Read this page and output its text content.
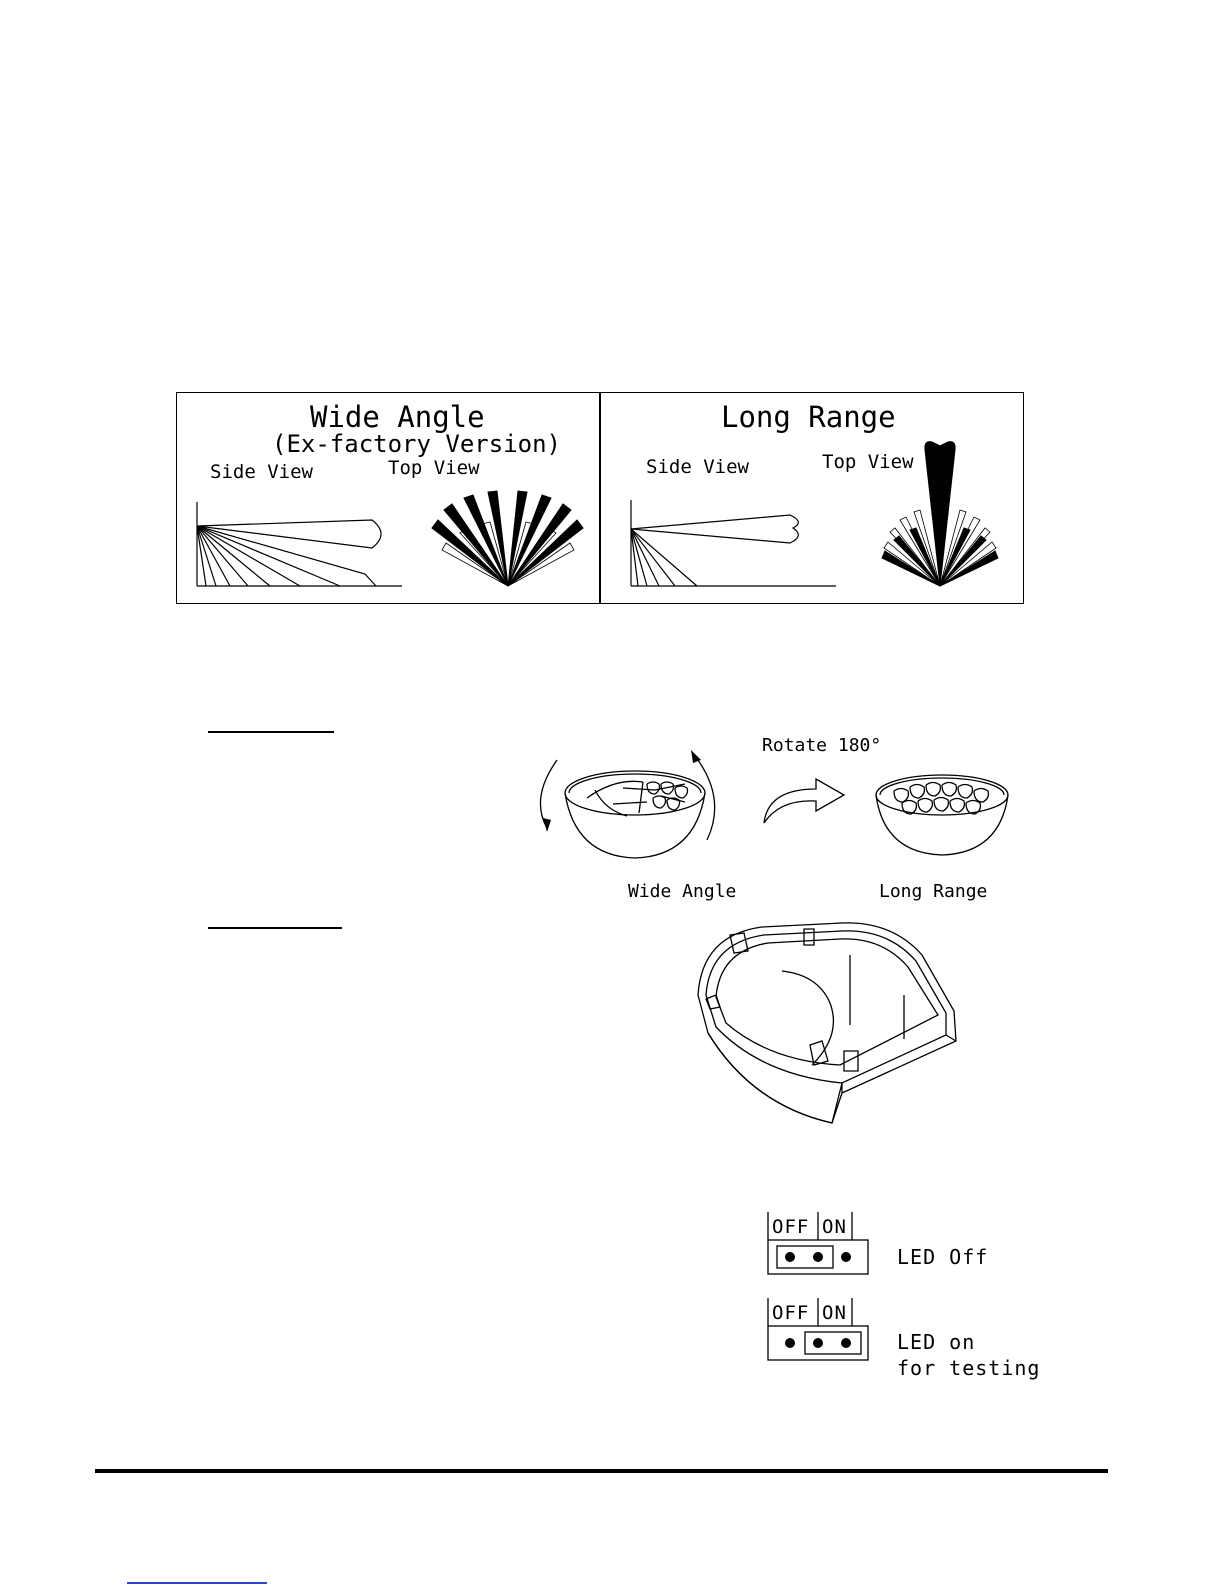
Wide Angle
(Ex-factory Version)
Side View	Top View
Long Range
Side View	Top View
Rotate 180°
Wide Angle	Long Range
OFF ON
LED Off
OFF ON
LED on
for testing
